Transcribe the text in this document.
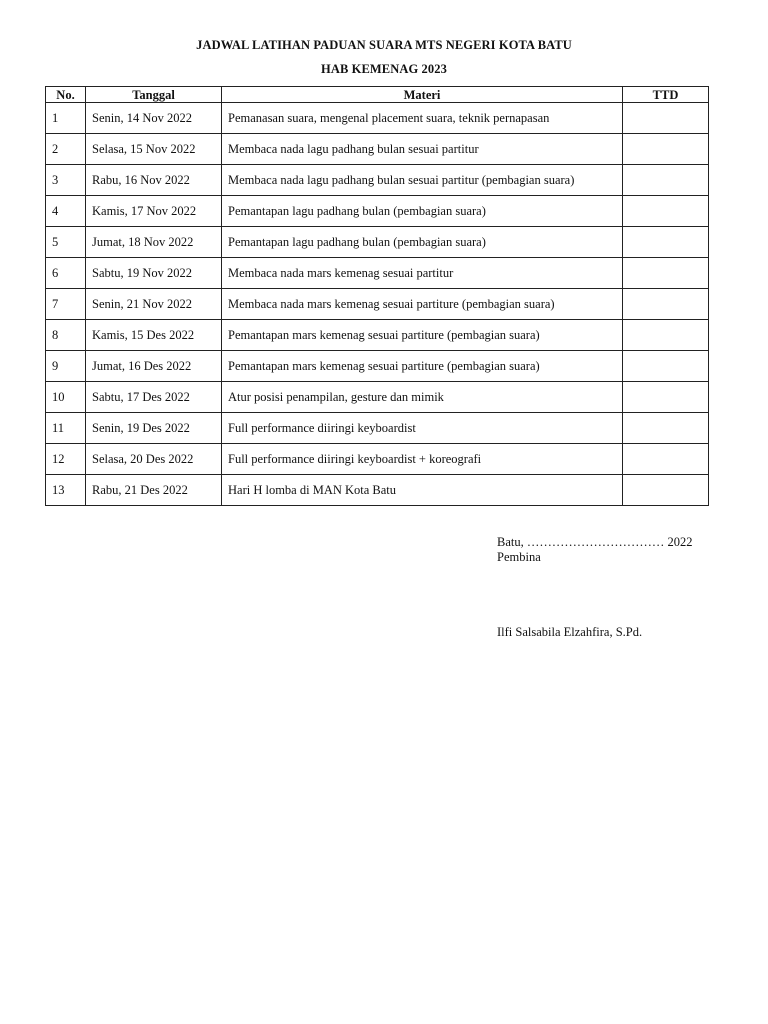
JADWAL LATIHAN PADUAN SUARA MTS NEGERI KOTA BATU
HAB KEMENAG 2023
No.	Tanggal	Materi	TTD
1	Senin, 14 Nov 2022	Pemanasan suara, mengenal placement suara, teknik pernapasan	
2	Selasa, 15 Nov 2022	Membaca nada lagu padhang bulan sesuai partitur	
3	Rabu, 16 Nov 2022	Membaca nada lagu padhang bulan sesuai partitur (pembagian suara)	
4	Kamis, 17 Nov 2022	Pemantapan lagu padhang bulan (pembagian suara)	
5	Jumat, 18 Nov 2022	Pemantapan lagu padhang bulan (pembagian suara)	
6	Sabtu, 19 Nov 2022	Membaca nada mars kemenag sesuai partitur	
7	Senin, 21 Nov 2022	Membaca nada mars kemenag sesuai partiture (pembagian suara)	
8	Kamis, 15 Des 2022	Pemantapan mars kemenag sesuai partiture (pembagian suara)	
9	Jumat, 16 Des 2022	Pemantapan mars kemenag sesuai partiture (pembagian suara)	
10	Sabtu, 17 Des 2022	Atur posisi penampilan, gesture dan mimik	
11	Senin, 19 Des 2022	Full performance diiringi keyboardist	
12	Selasa, 20 Des 2022	Full performance diiringi keyboardist + koreografi	
13	Rabu, 21 Des 2022	Hari H lomba di MAN Kota Batu	
Batu, …………………………… 2022
Pembina
Ilfi Salsabila Elzahfira, S.Pd.
